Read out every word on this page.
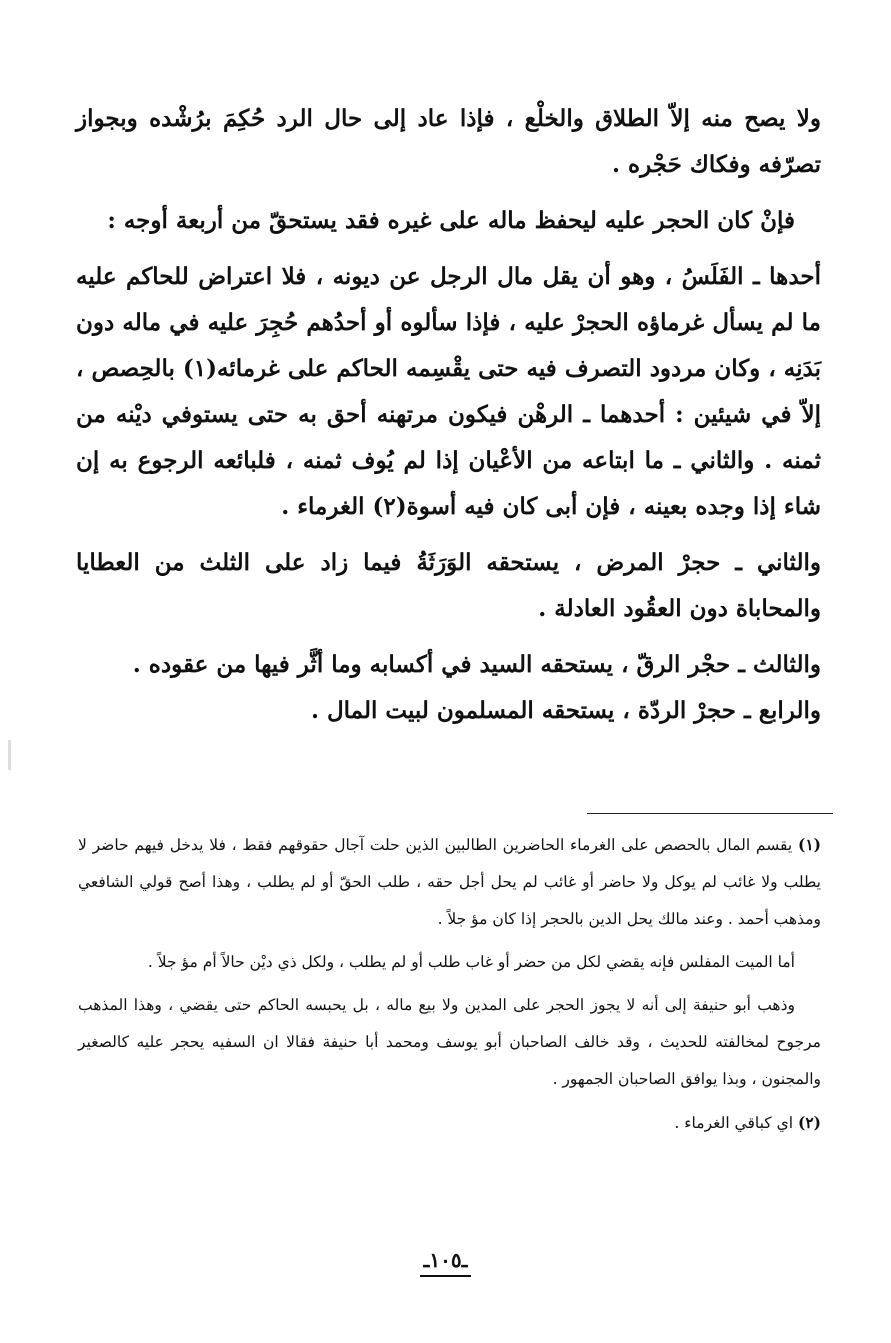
ولا يصح منه إلاّ الطلاق والخلْع ، فإذا عاد إلى حال الرد حُكِمَ برُشْده وبجواز تصرّفه وفكاك حَجْره .

فإنْ كان الحجر عليه ليحفظ ماله على غيره فقد يستحقّ من أربعة أوجه :

أحدها ـ الفَلَسُ ، وهو أن يقل مال الرجل عن ديونه ، فلا اعتراض للحاكم عليه ما لم يسأل غرماؤه الحجرْ عليه ، فإذا سألوه أو أحدُهم حُجِرَ عليه في ماله دون بَدَنِه ، وكان مردود التصرف فيه حتى يقْسِمه الحاكم على غرمائه(١) بالحِصص ، إلاّ في شيئين : أحدهما ـ الرهْن فيكون مرتهنه أحق به حتى يستوفي ديْنه من ثمنه . والثاني ـ ما ابتاعه من الأعْيان إذا لم يُوف ثمنه ، فلبائعه الرجوع به إن شاء إذا وجده بعينه ، فإن أبى كان فيه أسوة(٢) الغرماء .

والثاني ـ حجرْ المرض ، يستحقه الوَرَثَةُ فيما زاد على الثلث من العطايا والمحاباة دون العقُود العادلة .

والثالث ـ حجْر الرقّ ، يستحقه السيد في أكسابه وما أثَّر فيها من عقوده .

والرابع ـ حجرْ الردّة ، يستحقه المسلمون لبيت المال .

(١) يقسم المال بالحصص على الغرماء الحاضرين الطالبين الذين حلت آجال حقوقهم فقط ، فلا يدخل فيهم حاضر لا يطلب ولا غائب لم يوكل ولا حاضر أو غائب لم يحل أجل حقه ، طلب الحقّ أو لم يطلب ، وهذا أصح قولي الشافعي ومذهب أحمد . وعند مالك يحل الدين بالحجر إذا كان مؤ جلاً .

أما الميت المفلس فإنه يقضي لكل من حضر أو غاب طلب أو لم يطلب ، ولكل ذي ديْن حالاً أم مؤ جلاً .

وذهب أبو حنيفة إلى أنه لا يجوز الحجر على المدين ولا بيع ماله ، بل يحبسه الحاكم حتى يقضي ، وهذا المذهب مرجوح لمخالفته للحديث ، وقد خالف الصاحبان أبو يوسف ومحمد أبا حنيفة فقالا ان السفيه يحجر عليه كالصغير والمجنون ، وبذا يوافق الصاحبان الجمهور .

(٢) اي كباقي الغرماء .

ـ١٠٥ـ
